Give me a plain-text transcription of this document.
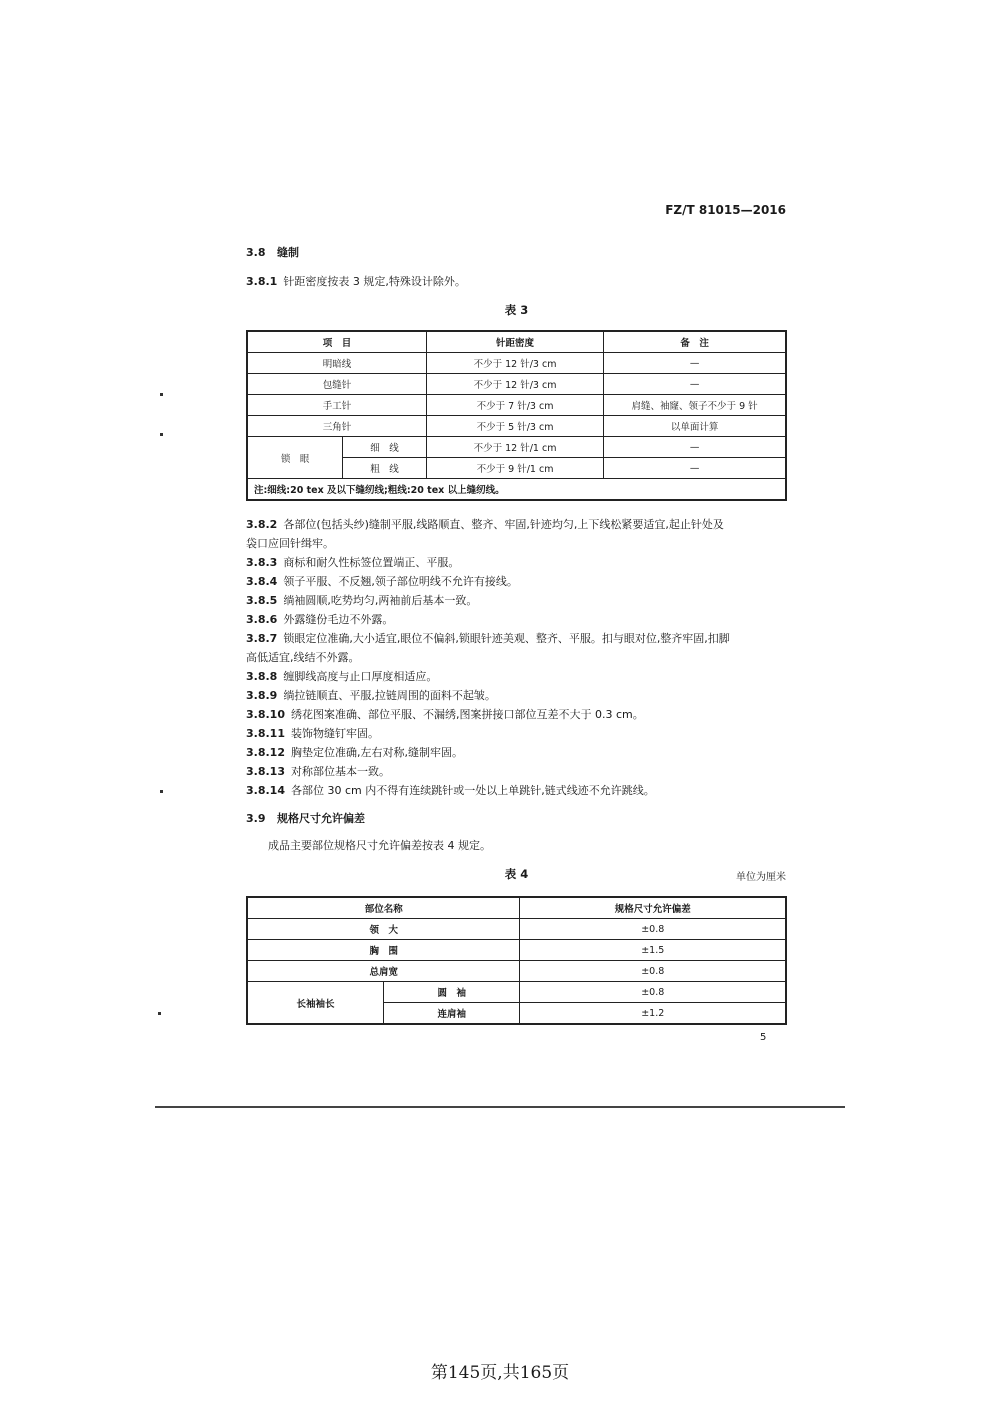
FZ/T 81015—2016
3.8 缝制
3.8.1 针距密度按表 3 规定,特殊设计除外。
表 3
项　目		针距密度	备　注
明暗线		不少于 12 针/3 cm	—
包缝针		不少于 12 针/3 cm	—
手工针		不少于 7 针/3 cm	肩缝、袖窿、领子不少于 9 针
三角针		不少于 5 针/3 cm	以单面计算
锁　眼	细　线	不少于 12 针/1 cm	—
	粗　线	不少于 9 针/1 cm	—
注:细线:20 tex 及以下缝纫线;粗线:20 tex 以上缝纫线。			
3.8.2 各部位(包括头纱)缝制平服,线路顺直、整齐、牢固,针迹均匀,上下线松紧要适宜,起止针处及
袋口应回针缉牢。
3.8.3 商标和耐久性标签位置端正、平服。
3.8.4 领子平服、不反翘,领子部位明线不允许有接线。
3.8.5 绱袖圆顺,吃势均匀,两袖前后基本一致。
3.8.6 外露缝份毛边不外露。
3.8.7 锁眼定位准确,大小适宜,眼位不偏斜,锁眼针迹美观、整齐、平服。扣与眼对位,整齐牢固,扣脚
高低适宜,线结不外露。
3.8.8 缠脚线高度与止口厚度相适应。
3.8.9 绱拉链顺直、平服,拉链周围的面料不起皱。
3.8.10 绣花图案准确、部位平服、不漏绣,图案拼接口部位互差不大于 0.3 cm。
3.8.11 装饰物缝钉牢固。
3.8.12 胸垫定位准确,左右对称,缝制牢固。
3.8.13 对称部位基本一致。
3.8.14 各部位 30 cm 内不得有连续跳针或一处以上单跳针,链式线迹不允许跳线。
3.9 规格尺寸允许偏差
成品主要部位规格尺寸允许偏差按表 4 规定。
表 4	单位为厘米
部位名称		规格尺寸允许偏差
领　大		±0.8
胸　围		±1.5
总肩宽		±0.8
长袖袖长	圆　袖	±0.8
	连肩袖	±1.2
5
第145页,共165页
